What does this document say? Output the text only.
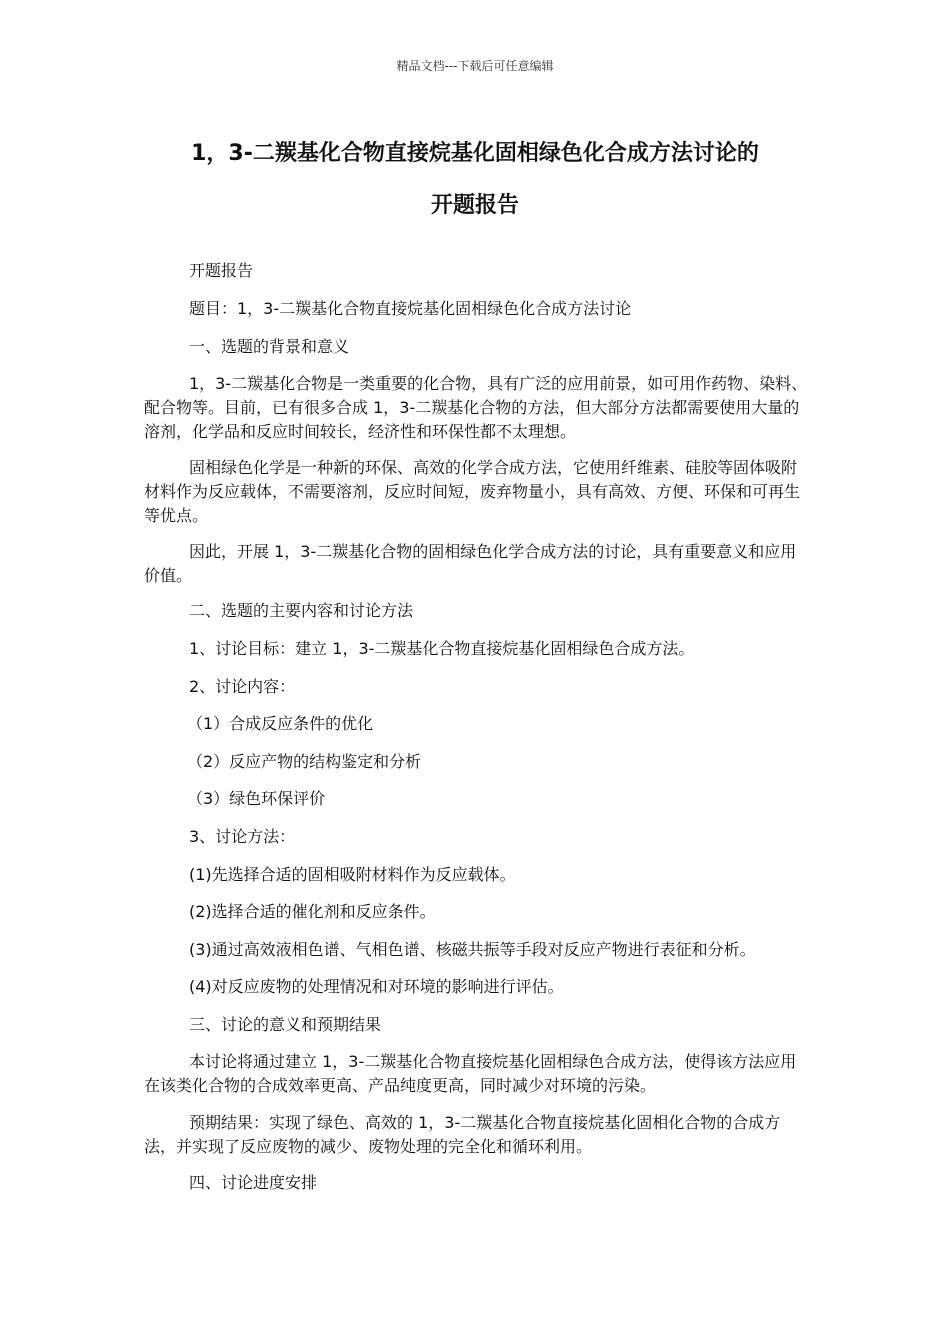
精品文档---下载后可任意编辑
1，3-二羰基化合物直接烷基化固相绿色化合成方法讨论的
开题报告

开题报告

题目：1，3-二羰基化合物直接烷基化固相绿色化合成方法讨论

一、选题的背景和意义

1，3-二羰基化合物是一类重要的化合物，具有广泛的应用前景，如可用作药物、染料、配合物等。目前，已有很多合成 1，3-二羰基化合物的方法，但大部分方法都需要使用大量的溶剂，化学品和反应时间较长，经济性和环保性都不太理想。

固相绿色化学是一种新的环保、高效的化学合成方法，它使用纤维素、硅胶等固体吸附材料作为反应载体，不需要溶剂，反应时间短，废弃物量小，具有高效、方便、环保和可再生等优点。

因此，开展 1，3-二羰基化合物的固相绿色化学合成方法的讨论，具有重要意义和应用价值。

二、选题的主要内容和讨论方法

1、讨论目标：建立 1，3-二羰基化合物直接烷基化固相绿色合成方法。

2、讨论内容：

（1）合成反应条件的优化

（2）反应产物的结构鉴定和分析

（3）绿色环保评价

3、讨论方法：

(1)先选择合适的固相吸附材料作为反应载体。

(2)选择合适的催化剂和反应条件。

(3)通过高效液相色谱、气相色谱、核磁共振等手段对反应产物进行表征和分析。

(4)对反应废物的处理情况和对环境的影响进行评估。

三、讨论的意义和预期结果

本讨论将通过建立 1，3-二羰基化合物直接烷基化固相绿色合成方法，使得该方法应用在该类化合物的合成效率更高、产品纯度更高，同时减少对环境的污染。

预期结果：实现了绿色、高效的 1，3-二羰基化合物直接烷基化固相化合物的合成方法，并实现了反应废物的减少、废物处理的完全化和循环利用。

四、讨论进度安排
